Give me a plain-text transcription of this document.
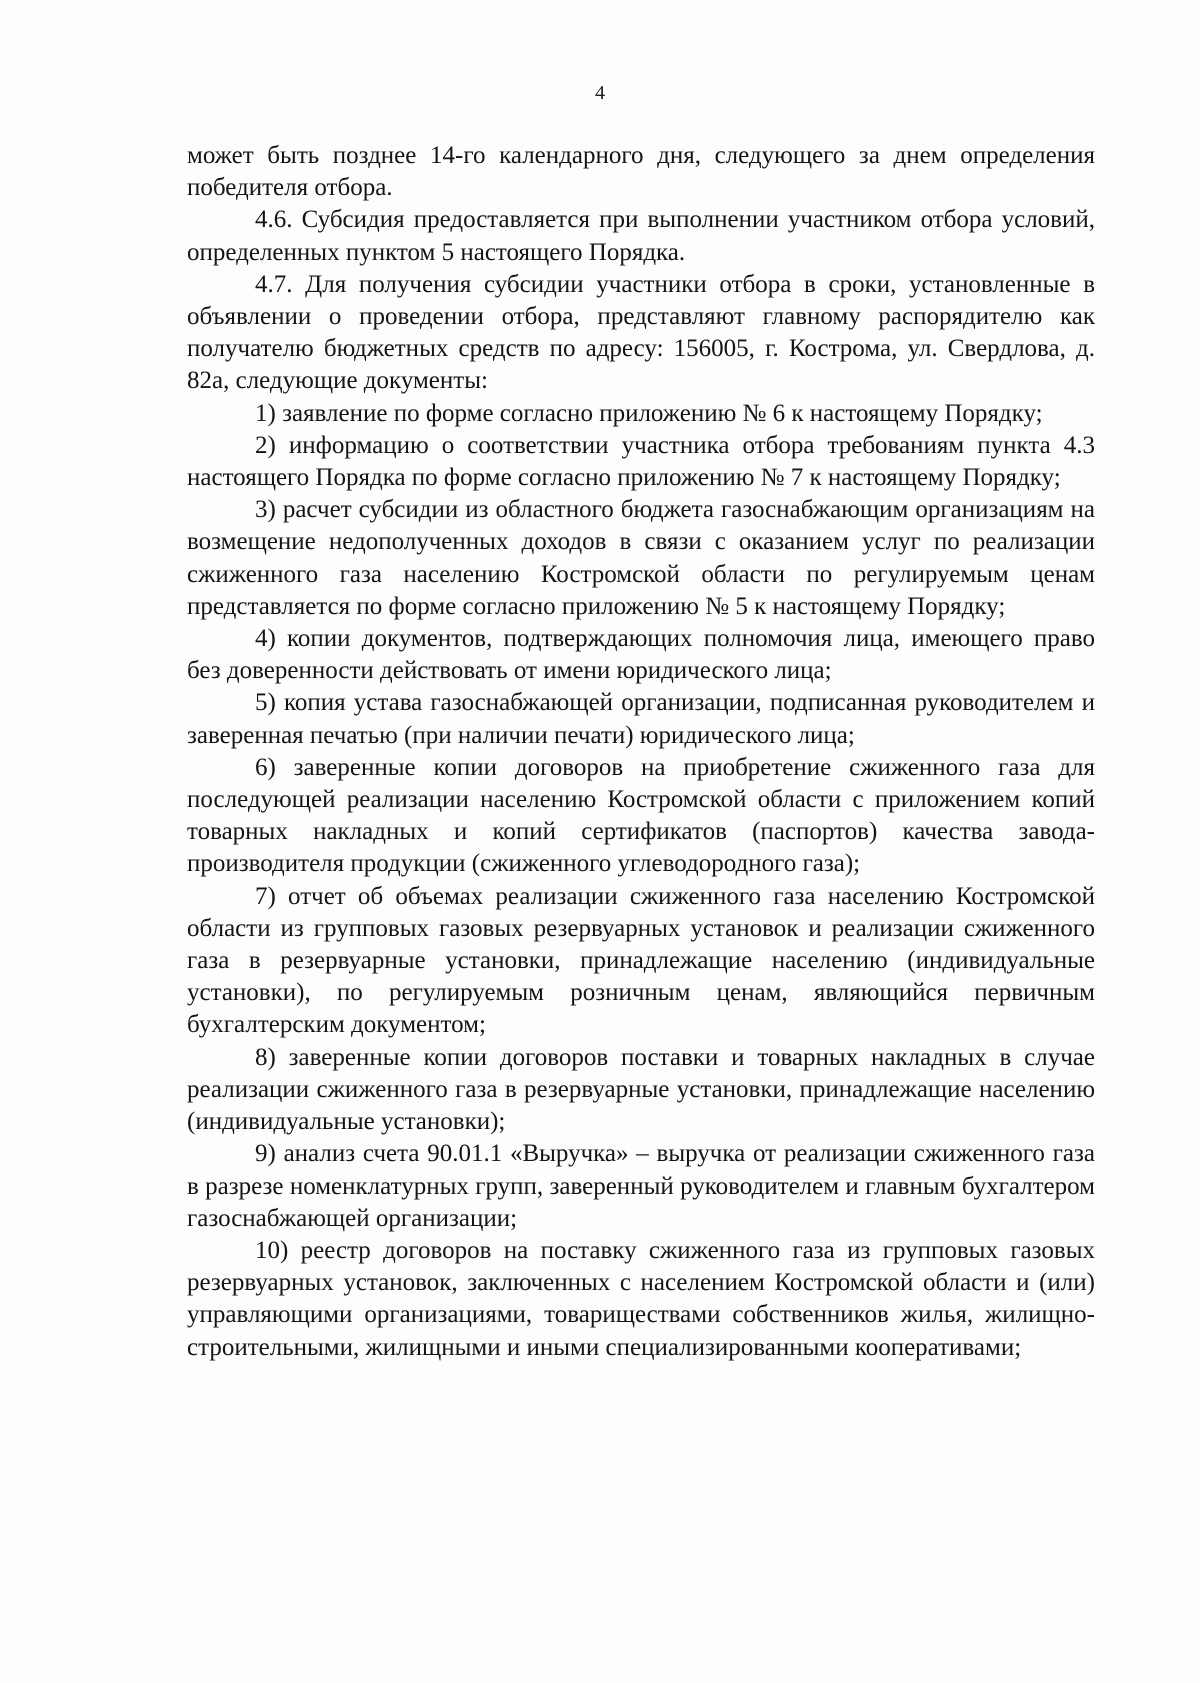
4

может быть позднее 14-го календарного дня, следующего за днем определения победителя отбора.

4.6. Субсидия предоставляется при выполнении участником отбора условий, определенных пунктом 5 настоящего Порядка.

4.7. Для получения субсидии участники отбора в сроки, установленные в объявлении о проведении отбора, представляют главному распорядителю как получателю бюджетных средств по адресу: 156005, г. Кострома, ул. Свердлова, д. 82а, следующие документы:

1) заявление по форме согласно приложению № 6 к настоящему Порядку;

2) информацию о соответствии участника отбора требованиям пункта 4.3 настоящего Порядка по форме согласно приложению № 7 к настоящему Порядку;

3) расчет субсидии из областного бюджета газоснабжающим организациям на возмещение недополученных доходов в связи с оказанием услуг по реализации сжиженного газа населению Костромской области по регулируемым ценам представляется по форме согласно приложению № 5 к настоящему Порядку;

4) копии документов, подтверждающих полномочия лица, имеющего право без доверенности действовать от имени юридического лица;

5) копия устава газоснабжающей организации, подписанная руководителем и заверенная печатью (при наличии печати) юридического лица;

6) заверенные копии договоров на приобретение сжиженного газа для последующей реализации населению Костромской области с приложением копий товарных накладных и копий сертификатов (паспортов) качества завода-производителя продукции (сжиженного углеводородного газа);

7) отчет об объемах реализации сжиженного газа населению Костромской области из групповых газовых резервуарных установок и реализации сжиженного газа в резервуарные установки, принадлежащие населению (индивидуальные установки), по регулируемым розничным ценам, являющийся первичным бухгалтерским документом;

8) заверенные копии договоров поставки и товарных накладных в случае реализации сжиженного газа в резервуарные установки, принадлежащие населению (индивидуальные установки);

9) анализ счета 90.01.1 «Выручка» – выручка от реализации сжиженного газа в разрезе номенклатурных групп, заверенный руководителем и главным бухгалтером газоснабжающей организации;

10) реестр договоров на поставку сжиженного газа из групповых газовых резервуарных установок, заключенных с населением Костромской области и (или) управляющими организациями, товариществами собственников жилья, жилищно-строительными, жилищными и иными специализированными кооперативами;
